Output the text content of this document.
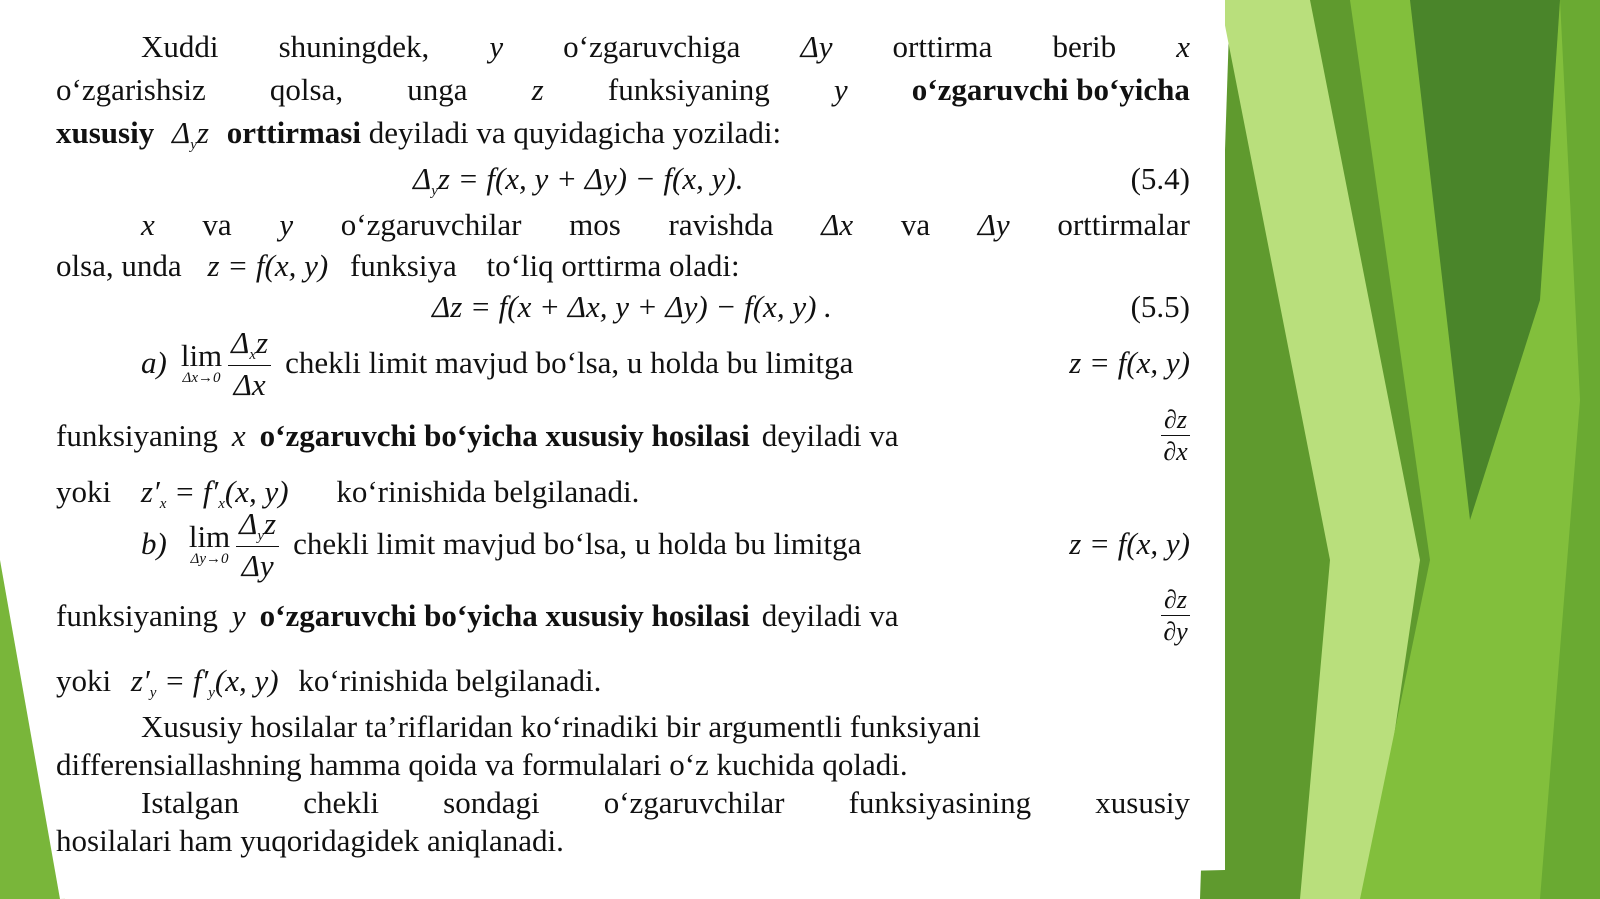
Xuddi shuningdek, y o‘zgaruvchiga Δy orttirma berib x
o‘zgarishsiz qolsa, unga z funksiyaning y o‘zgaruvchi bo‘yicha
xususiy Δyz orttirmasi deyiladi va quyidagicha yoziladi:
Δyz = f(x, y + Δy) − f(x, y).	(5.4)
x va y o‘zgaruvchilar mos ravishda Δx va Δy orttirmalar
olsa, unda z = f(x, y) funksiya to‘liq orttirma oladi:
Δz = f(x + Δx, y + Δy) − f(x, y) .	(5.5)
a) lim
$\Delta x\to 0 \frac{\text{Δxz}}{\Delta x}$ chekli limit mavjud bo‘lsa, u holda bu limitga	z = f(x, y)
funksiyaning x o‘zgaruvchi bo‘yicha xususiy hosilasi deyiladi va	$\frac{\partial z}{\partial x}$
yoki z′x = f′x(x, y) ko‘rinishida belgilanadi.
b) lim
$\Delta y\to 0 \frac{\text{Δyz}}{\Delta y}$ chekli limit mavjud bo‘lsa, u holda bu limitga	z = f(x, y)
funksiyaning y o‘zgaruvchi bo‘yicha xususiy hosilasi deyiladi va	$\frac{\partial z}{\partial y}$
yoki z′y = f′y(x, y) ko‘rinishida belgilanadi.
Xususiy hosilalar ta’riflaridan ko‘rinadiki bir argumentli funksiyani
differensiallashning hamma qoida va formulalari o‘z kuchida qoladi.
Istalgan chekli sondagi o‘zgaruvchilar funksiyasining xususiy
hosilalari ham yuqoridagidek aniqlanadi.
